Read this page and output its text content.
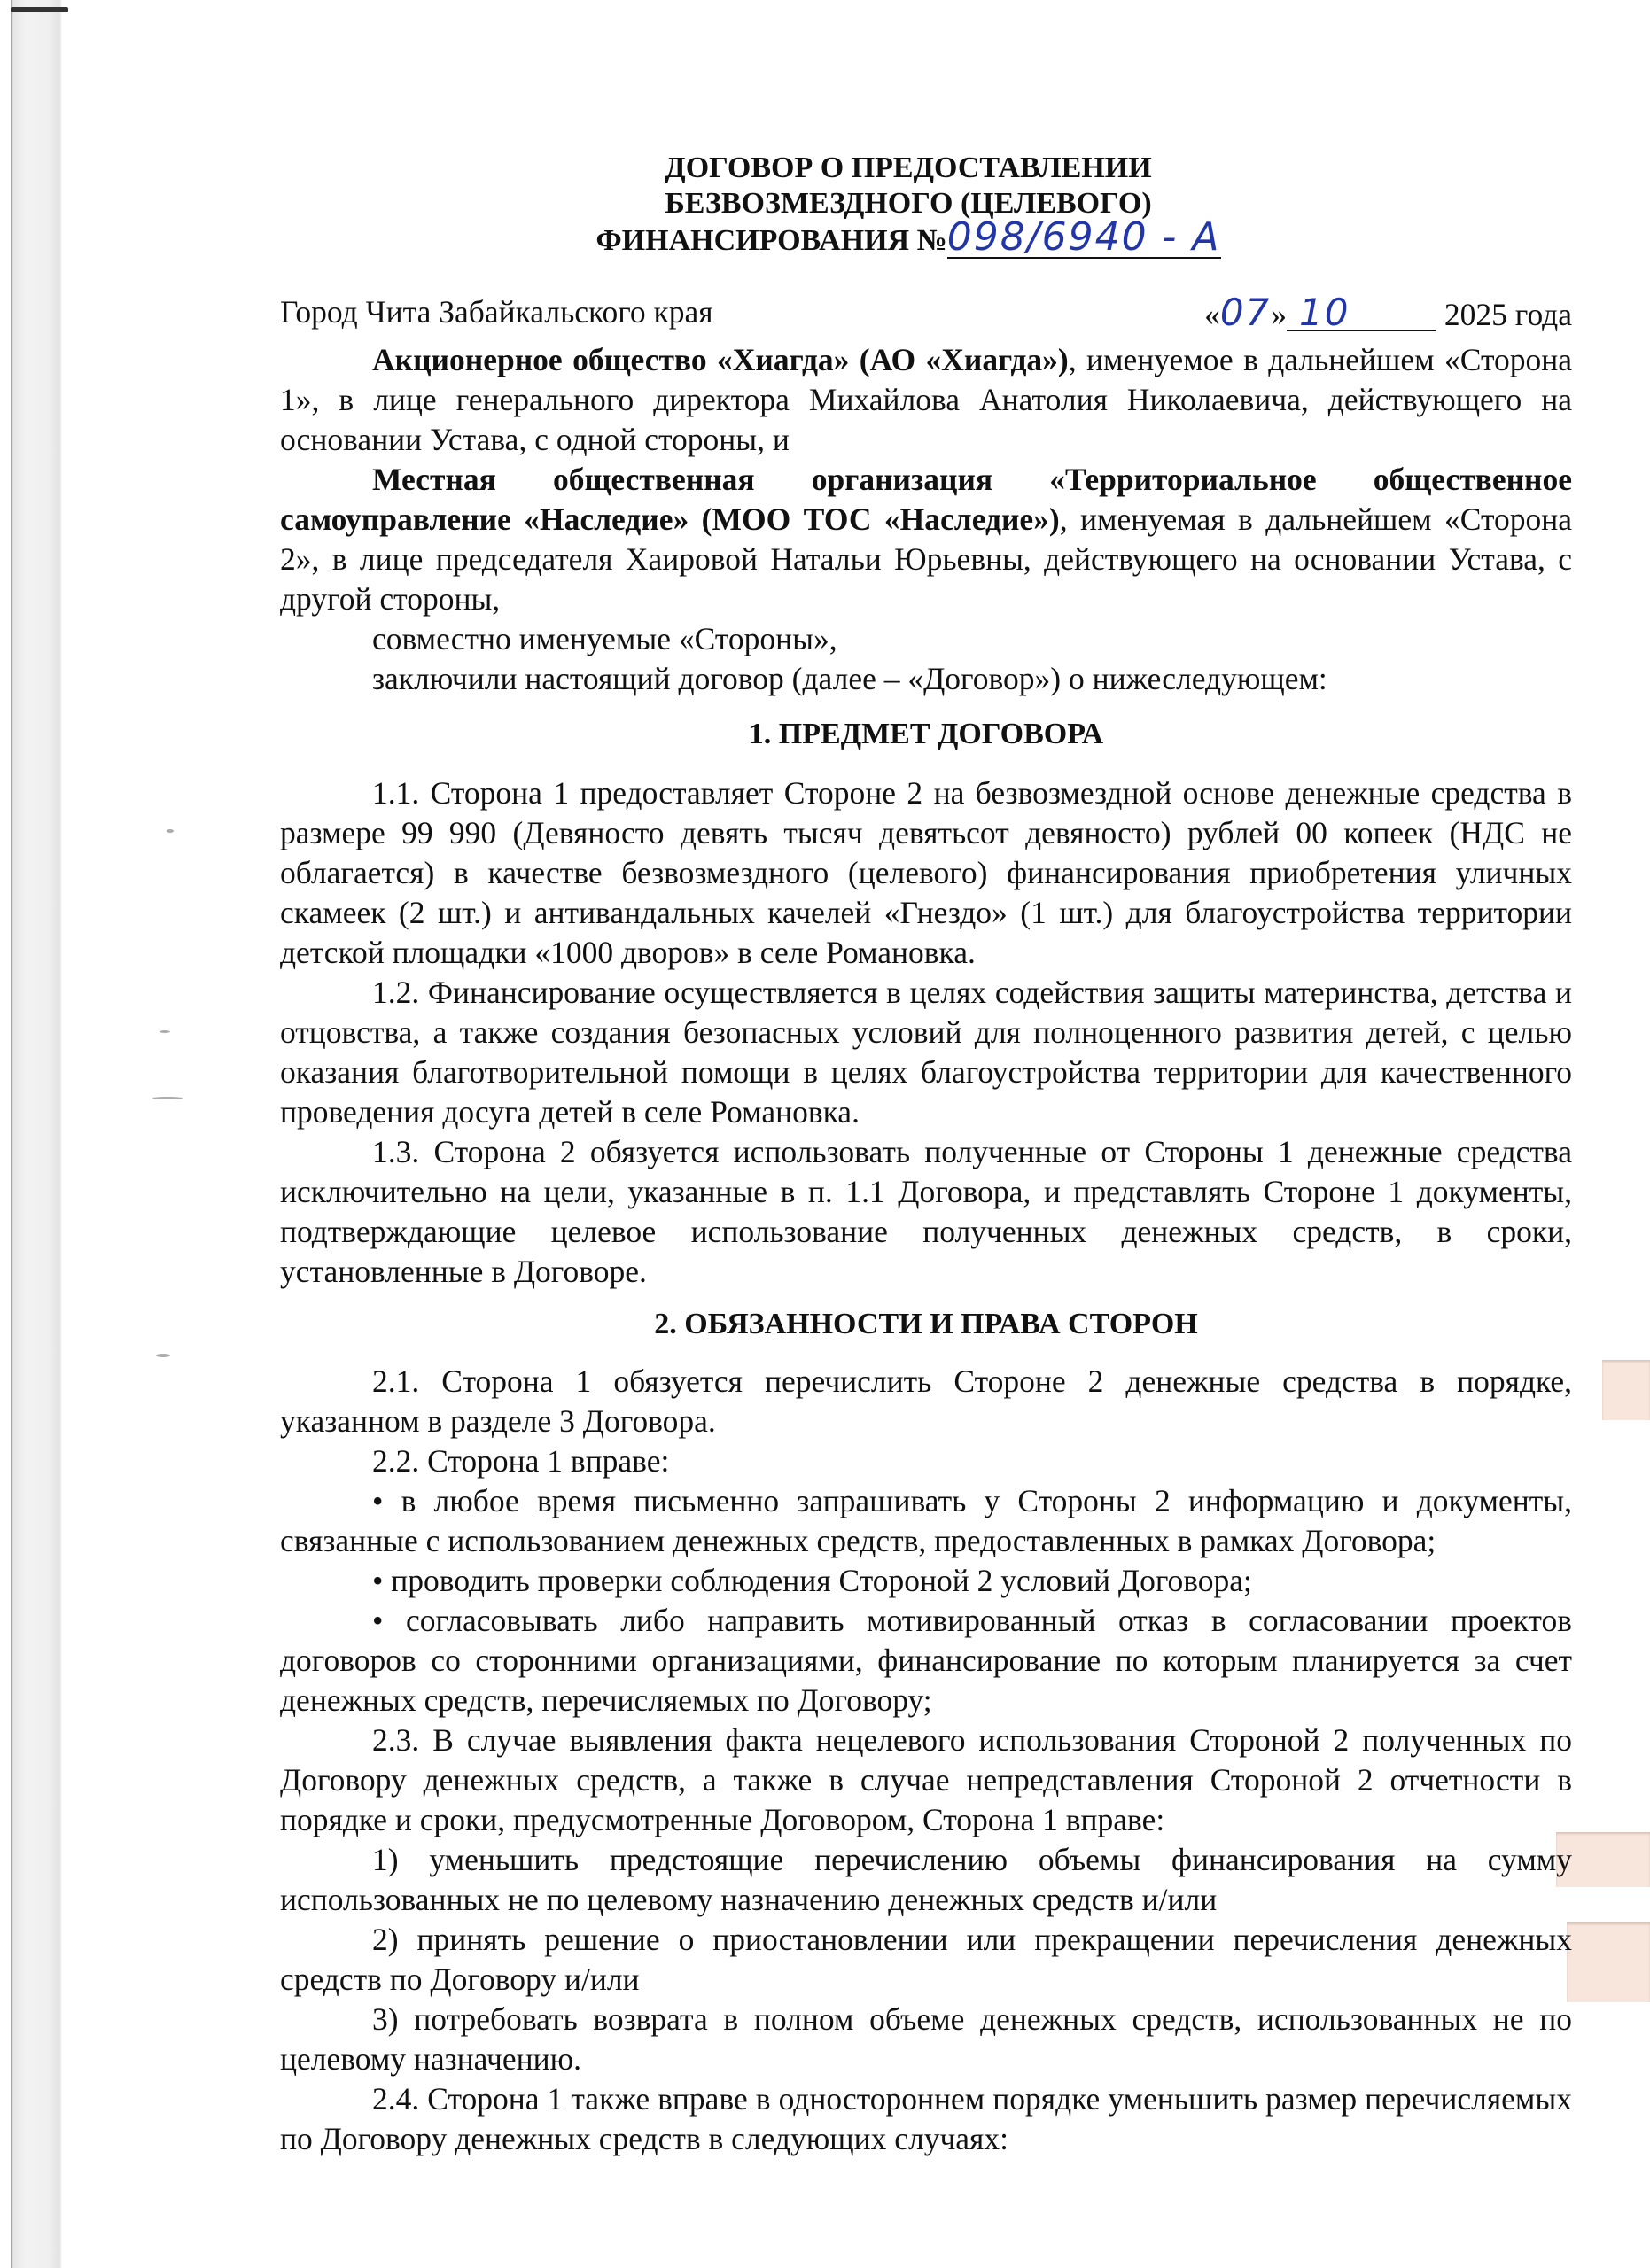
ДОГОВОР О ПРЕДОСТАВЛЕНИИ
БЕЗВОЗМЕЗДНОГО (ЦЕЛЕВОГО)
ФИНАНСИРОВАНИЯ №098/6940 - А
Город Чита Забайкальского края	«07» 10	2025 года

Акционерное общество «Хиагда» (АО «Хиагда»), именуемое в дальнейшем «Сторона 1», в лице генерального директора Михайлова Анатолия Николаевича, действующего на основании Устава, с одной стороны, и

Местная общественная организация «Территориальное общественное самоуправление «Наследие» (МОО ТОС «Наследие»), именуемая в дальнейшем «Сторона 2», в лице председателя Хаировой Натальи Юрьевны, действующего на основании Устава, с другой стороны,

совместно именуемые «Стороны»,

заключили настоящий договор (далее – «Договор») о нижеследующем:

1. ПРЕДМЕТ ДОГОВОРА

1.1. Сторона 1 предоставляет Стороне 2 на безвозмездной основе денежные средства в размере 99 990 (Девяносто девять тысяч девятьсот девяносто) рублей 00 копеек (НДС не облагается) в качестве безвозмездного (целевого) финансирования приобретения уличных скамеек (2 шт.) и антивандальных качелей «Гнездо» (1 шт.) для благоустройства территории детской площадки «1000 дворов» в селе Романовка.

1.2. Финансирование осуществляется в целях содействия защиты материнства, детства и отцовства, а также создания безопасных условий для полноценного развития детей, с целью оказания благотворительной помощи в целях благоустройства территории для качественного проведения досуга детей в селе Романовка.

1.3. Сторона 2 обязуется использовать полученные от Стороны 1 денежные средства исключительно на цели, указанные в п. 1.1 Договора, и представлять Стороне 1 документы, подтверждающие целевое использование полученных денежных средств, в сроки, установленные в Договоре.

2. ОБЯЗАННОСТИ И ПРАВА СТОРОН

2.1. Сторона 1 обязуется перечислить Стороне 2 денежные средства в порядке, указанном в разделе 3 Договора.

2.2. Сторона 1 вправе:

• в любое время письменно запрашивать у Стороны 2 информацию и документы, связанные с использованием денежных средств, предоставленных в рамках Договора;

• проводить проверки соблюдения Стороной 2 условий Договора;

• согласовывать либо направить мотивированный отказ в согласовании проектов договоров со сторонними организациями, финансирование по которым планируется за счет денежных средств, перечисляемых по Договору;

2.3. В случае выявления факта нецелевого использования Стороной 2 полученных по Договору денежных средств, а также в случае непредставления Стороной 2 отчетности в порядке и сроки, предусмотренные Договором, Сторона 1 вправе:

1) уменьшить предстоящие перечислению объемы финансирования на сумму использованных не по целевому назначению денежных средств и/или

2) принять решение о приостановлении или прекращении перечисления денежных средств по Договору и/или

3) потребовать возврата в полном объеме денежных средств, использованных не по целевому назначению.

2.4. Сторона 1 также вправе в одностороннем порядке уменьшить размер перечисляемых по Договору денежных средств в следующих случаях:
